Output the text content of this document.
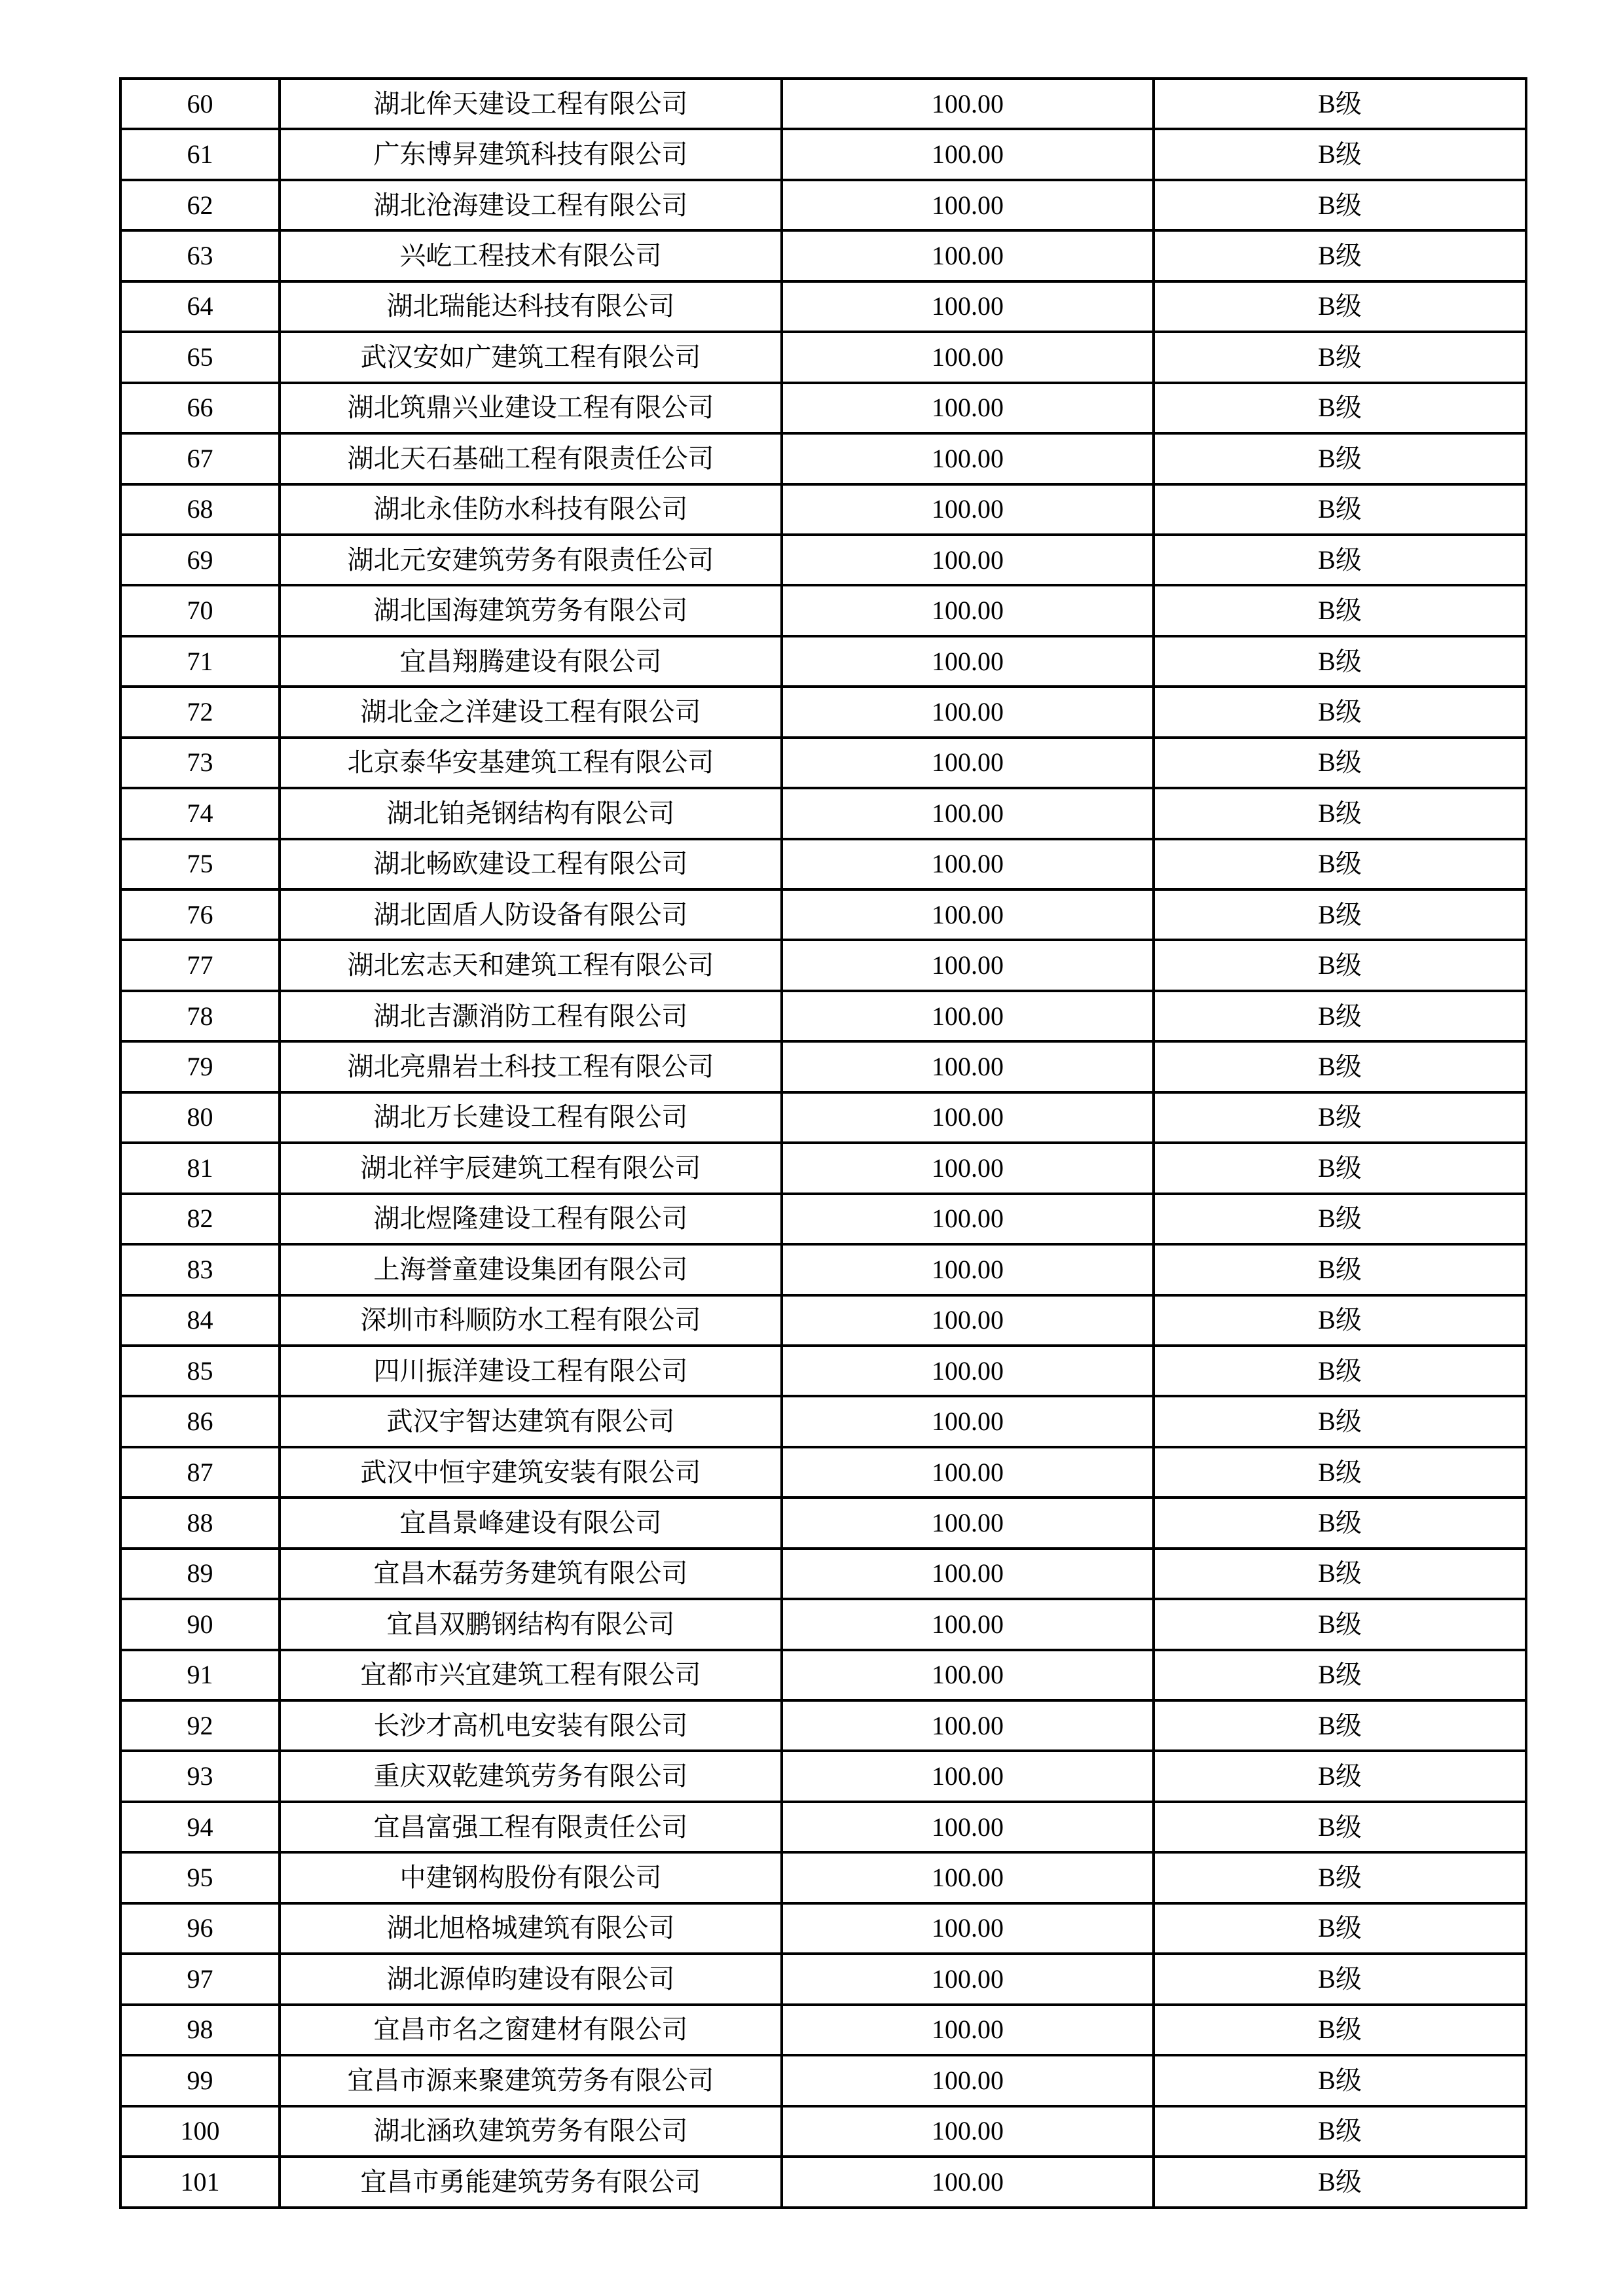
60	湖北侔天建设工程有限公司	100.00	B级
61	广东博昇建筑科技有限公司	100.00	B级
62	湖北沧海建设工程有限公司	100.00	B级
63	兴屹工程技术有限公司	100.00	B级
64	湖北瑞能达科技有限公司	100.00	B级
65	武汉安如广建筑工程有限公司	100.00	B级
66	湖北筑鼎兴业建设工程有限公司	100.00	B级
67	湖北天石基础工程有限责任公司	100.00	B级
68	湖北永佳防水科技有限公司	100.00	B级
69	湖北元安建筑劳务有限责任公司	100.00	B级
70	湖北国海建筑劳务有限公司	100.00	B级
71	宜昌翔腾建设有限公司	100.00	B级
72	湖北金之洋建设工程有限公司	100.00	B级
73	北京泰华安基建筑工程有限公司	100.00	B级
74	湖北铂尧钢结构有限公司	100.00	B级
75	湖北畅欧建设工程有限公司	100.00	B级
76	湖北固盾人防设备有限公司	100.00	B级
77	湖北宏志天和建筑工程有限公司	100.00	B级
78	湖北吉灏消防工程有限公司	100.00	B级
79	湖北亮鼎岩土科技工程有限公司	100.00	B级
80	湖北万长建设工程有限公司	100.00	B级
81	湖北祥宇辰建筑工程有限公司	100.00	B级
82	湖北煜隆建设工程有限公司	100.00	B级
83	上海誉童建设集团有限公司	100.00	B级
84	深圳市科顺防水工程有限公司	100.00	B级
85	四川振洋建设工程有限公司	100.00	B级
86	武汉宇智达建筑有限公司	100.00	B级
87	武汉中恒宇建筑安装有限公司	100.00	B级
88	宜昌景峰建设有限公司	100.00	B级
89	宜昌木磊劳务建筑有限公司	100.00	B级
90	宜昌双鹏钢结构有限公司	100.00	B级
91	宜都市兴宜建筑工程有限公司	100.00	B级
92	长沙才高机电安装有限公司	100.00	B级
93	重庆双乾建筑劳务有限公司	100.00	B级
94	宜昌富强工程有限责任公司	100.00	B级
95	中建钢构股份有限公司	100.00	B级
96	湖北旭格城建筑有限公司	100.00	B级
97	湖北源倬昀建设有限公司	100.00	B级
98	宜昌市名之窗建材有限公司	100.00	B级
99	宜昌市源来聚建筑劳务有限公司	100.00	B级
100	湖北涵玖建筑劳务有限公司	100.00	B级
101	宜昌市勇能建筑劳务有限公司	100.00	B级
